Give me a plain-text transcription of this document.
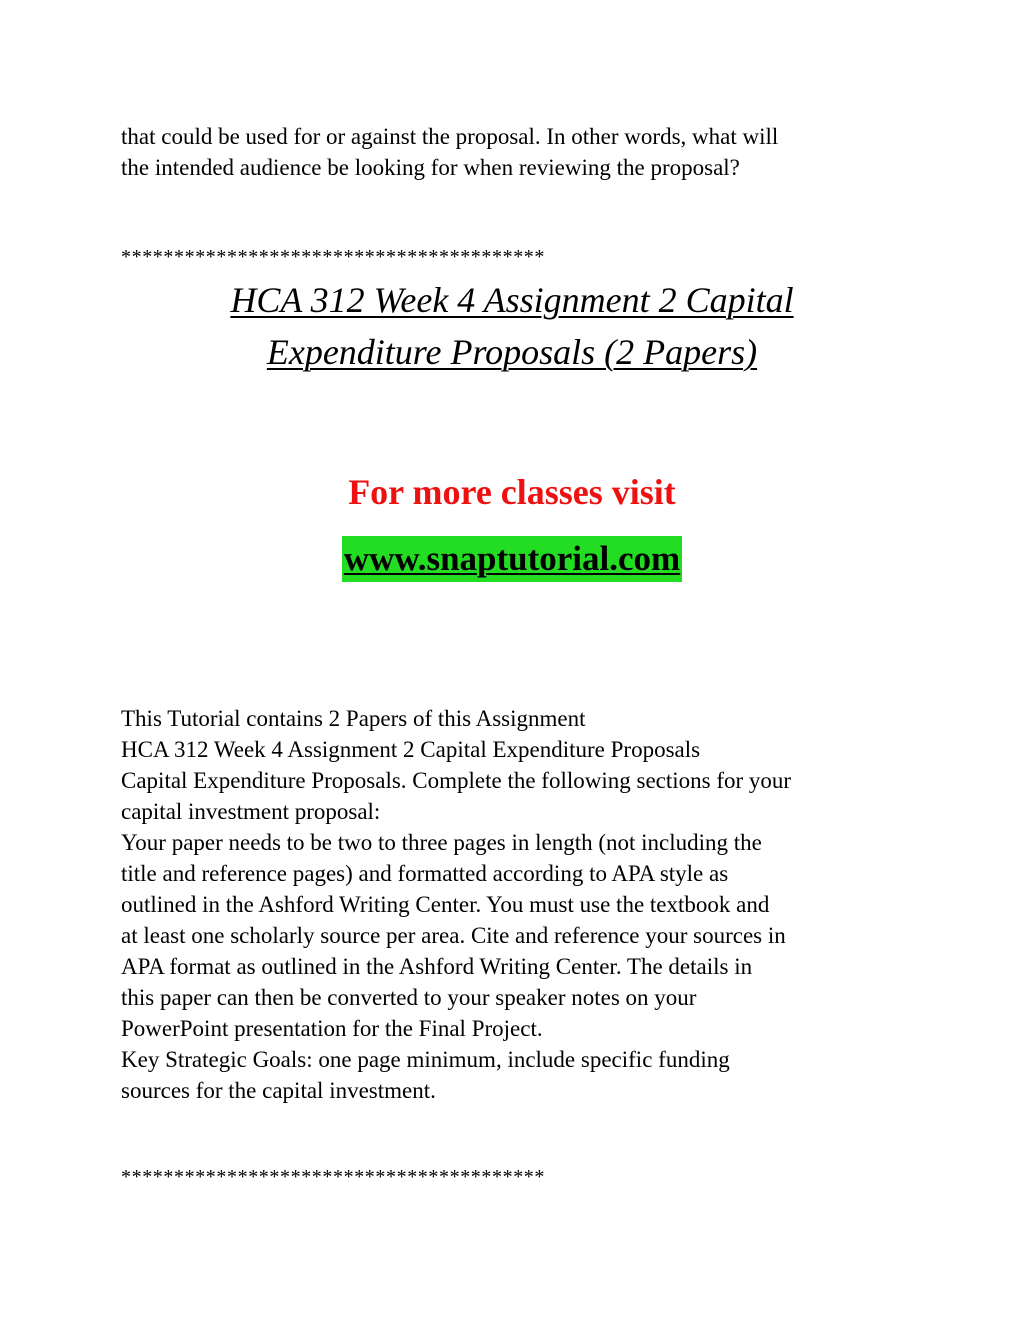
that could be used for or against the proposal. In other words, what will
the intended audience be looking for when reviewing the proposal?
****************************************
HCA 312 Week 4 Assignment 2 Capital
Expenditure Proposals (2 Papers)
For more classes visit
www.snaptutorial.com
This Tutorial contains 2 Papers of this Assignment
HCA 312 Week 4 Assignment 2 Capital Expenditure Proposals
Capital Expenditure Proposals. Complete the following sections for your
capital investment proposal:
Your paper needs to be two to three pages in length (not including the
title and reference pages) and formatted according to APA style as
outlined in the Ashford Writing Center. You must use the textbook and
at least one scholarly source per area. Cite and reference your sources in
APA format as outlined in the Ashford Writing Center. The details in
this paper can then be converted to your speaker notes on your
PowerPoint presentation for the Final Project.
Key Strategic Goals: one page minimum, include specific funding
sources for the capital investment.
****************************************
